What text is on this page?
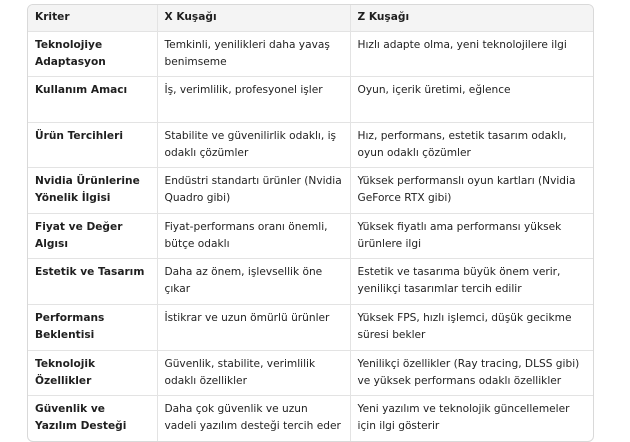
Kriter	X Kuşağı	Z Kuşağı
Teknolojiye Adaptasyon	Temkinli, yenilikleri daha yavaş benimseme	Hızlı adapte olma, yeni teknolojilere ilgi
Kullanım Amacı	İş, verimlilik, profesyonel işler	Oyun, içerik üretimi, eğlence
Ürün Tercihleri	Stabilite ve güvenilirlik odaklı, iş odaklı çözümler	Hız, performans, estetik tasarım odaklı, oyun odaklı çözümler
Nvidia Ürünlerine Yönelik İlgisi	Endüstri standartı ürünler (Nvidia Quadro gibi)	Yüksek performanslı oyun kartları (Nvidia GeForce RTX gibi)
Fiyat ve Değer Algısı	Fiyat-performans oranı önemli, bütçe odaklı	Yüksek fiyatlı ama performansı yüksek ürünlere ilgi
Estetik ve Tasarım	Daha az önem, işlevsellik öne çıkar	Estetik ve tasarıma büyük önem verir, yenilikçi tasarımlar tercih edilir
Performans Beklentisi	İstikrar ve uzun ömürlü ürünler	Yüksek FPS, hızlı işlemci, düşük gecikme süresi bekler
Teknolojik Özellikler	Güvenlik, stabilite, verimlilik odaklı özellikler	Yenilikçi özellikler (Ray tracing, DLSS gibi) ve yüksek performans odaklı özellikler
Güvenlik ve Yazılım Desteği	Daha çok güvenlik ve uzun vadeli yazılım desteği tercih eder	Yeni yazılım ve teknolojik güncellemeler için ilgi gösterir
